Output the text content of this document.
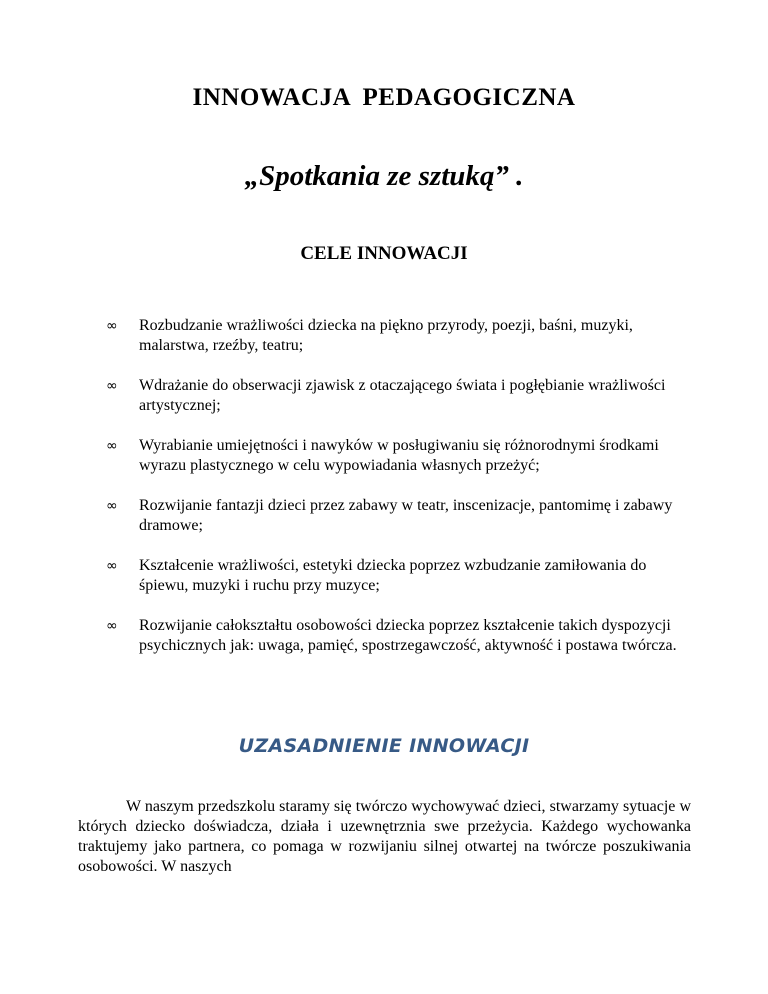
INNOWACJA PEDAGOGICZNA
„Spotkania ze sztuką” .
CELE INNOWACJI
∞ Rozbudzanie wrażliwości dziecka na piękno przyrody, poezji, baśni, muzyki, malarstwa, rzeźby, teatru;
∞ Wdrażanie do obserwacji zjawisk z otaczającego świata i pogłębianie wrażliwości artystycznej;
∞ Wyrabianie umiejętności i nawyków w posługiwaniu się różnorodnymi środkami wyrazu plastycznego w celu wypowiadania własnych przeżyć;
∞ Rozwijanie fantazji dzieci przez zabawy w teatr, inscenizacje, pantomimę i zabawy dramowe;
∞ Kształcenie wrażliwości, estetyki dziecka poprzez wzbudzanie zamiłowania do śpiewu, muzyki i ruchu przy muzyce;
∞ Rozwijanie całokształtu osobowości dziecka poprzez kształcenie takich dyspozycji psychicznych jak: uwaga, pamięć, spostrzegawczość, aktywność i postawa twórcza.
UZASADNIENIE INNOWACJI

W naszym przedszkolu staramy się twórczo wychowywać dzieci, stwarzamy sytuacje w których dziecko doświadcza, działa i uzewnętrznia swe przeżycia. Każdego wychowanka traktujemy jako partnera, co pomaga w rozwijaniu silnej otwartej na twórcze poszukiwania osobowości. W naszych
